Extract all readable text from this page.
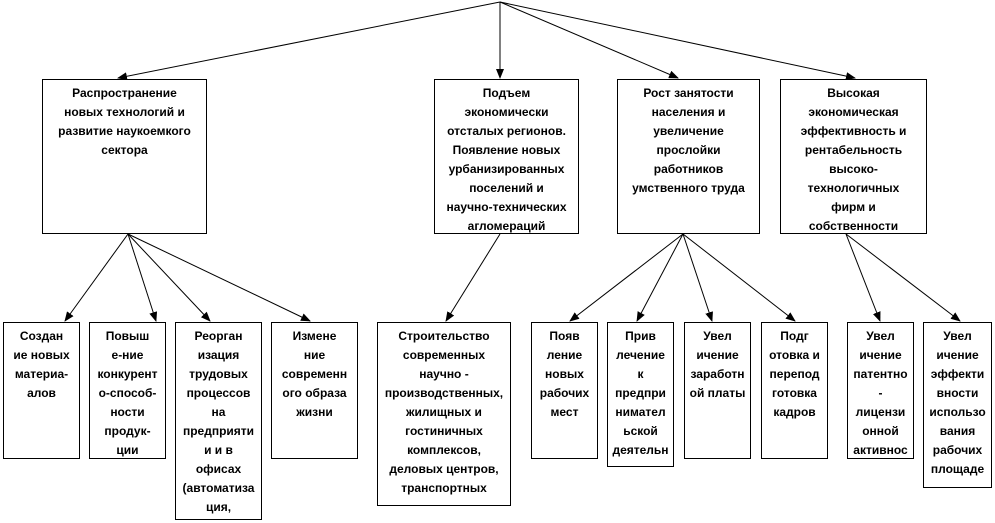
Распространение
новых технологий и
развитие наукоемкого
сектора
Подъем
экономически
отсталых регионов.
Появление новых
урбанизированных
поселений и
научно-технических
агломераций
Рост занятости
населения и
увеличение
прослойки
работников
умственного труда
Высокая
экономическая
эффективность и
рентабельность
высоко-
технологичных
фирм и
собственности
Создан
ие новых
материа-
алов
Повыш
е-ние
конкурент
о-способ-
ности
продук-
ции
Реорган
изация
трудовых
процессов
на
предприяти
и и в
офисах
(автоматиза
ция,
Измене
ние
современн
ого образа
жизни
Строительство
современных
научно -
производственных,
жилищных и
гостиничных
комплексов,
деловых центров,
транспортных
Появ
ление
новых
рабочих
мест
Прив
лечение
к
предпри
нимател
ьской
деятельн
Увел
ичение
заработн
ой платы
Подг
отовка и
перепод
готовка
кадров
Увел
ичение
патентно
-
лицензи
онной
активнос
Увел
ичение
эффекти
вности
использо
вания
рабочих
площаде
